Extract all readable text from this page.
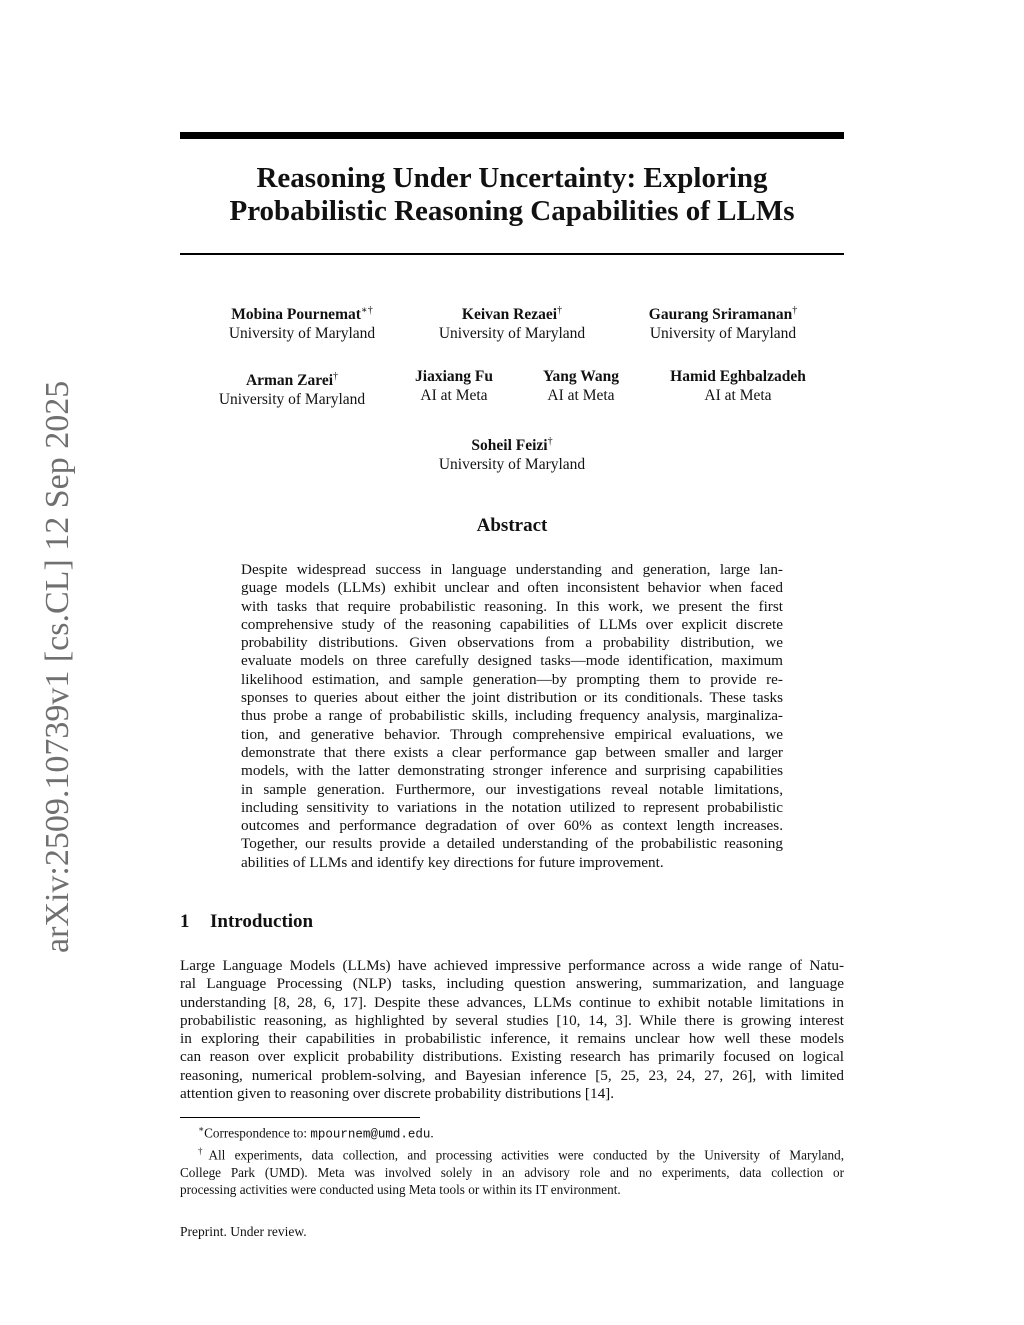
arXiv:2509.10739v1 [cs.CL] 12 Sep 2025
Reasoning Under Uncertainty: Exploring
Probabilistic Reasoning Capabilities of LLMs
Mobina Pournemat∗†
University of Maryland
Keivan Rezaei†
University of Maryland
Gaurang Sriramanan†
University of Maryland
Arman Zarei†
University of Maryland
Jiaxiang Fu
AI at Meta
Yang Wang
AI at Meta
Hamid Eghbalzadeh
AI at Meta
Soheil Feizi†
University of Maryland
Abstract
Despite widespread success in language understanding and generation, large lan-
guage models (LLMs) exhibit unclear and often inconsistent behavior when faced
with tasks that require probabilistic reasoning. In this work, we present the first
comprehensive study of the reasoning capabilities of LLMs over explicit discrete
probability distributions. Given observations from a probability distribution, we
evaluate models on three carefully designed tasks—mode identification, maximum
likelihood estimation, and sample generation—by prompting them to provide re-
sponses to queries about either the joint distribution or its conditionals. These tasks
thus probe a range of probabilistic skills, including frequency analysis, marginaliza-
tion, and generative behavior. Through comprehensive empirical evaluations, we
demonstrate that there exists a clear performance gap between smaller and larger
models, with the latter demonstrating stronger inference and surprising capabilities
in sample generation. Furthermore, our investigations reveal notable limitations,
including sensitivity to variations in the notation utilized to represent probabilistic
outcomes and performance degradation of over 60% as context length increases.
Together, our results provide a detailed understanding of the probabilistic reasoning
abilities of LLMs and identify key directions for future improvement.
1 Introduction
Large Language Models (LLMs) have achieved impressive performance across a wide range of Natu-
ral Language Processing (NLP) tasks, including question answering, summarization, and language
understanding [8, 28, 6, 17]. Despite these advances, LLMs continue to exhibit notable limitations in
probabilistic reasoning, as highlighted by several studies [10, 14, 3]. While there is growing interest
in exploring their capabilities in probabilistic inference, it remains unclear how well these models
can reason over explicit probability distributions. Existing research has primarily focused on logical
reasoning, numerical problem-solving, and Bayesian inference [5, 25, 23, 24, 27, 26], with limited
attention given to reasoning over discrete probability distributions [14].
∗Correspondence to: mpournem@umd.edu.
†All experiments, data collection, and processing activities were conducted by the University of Maryland,
College Park (UMD). Meta was involved solely in an advisory role and no experiments, data collection or
processing activities were conducted using Meta tools or within its IT environment.
Preprint. Under review.
